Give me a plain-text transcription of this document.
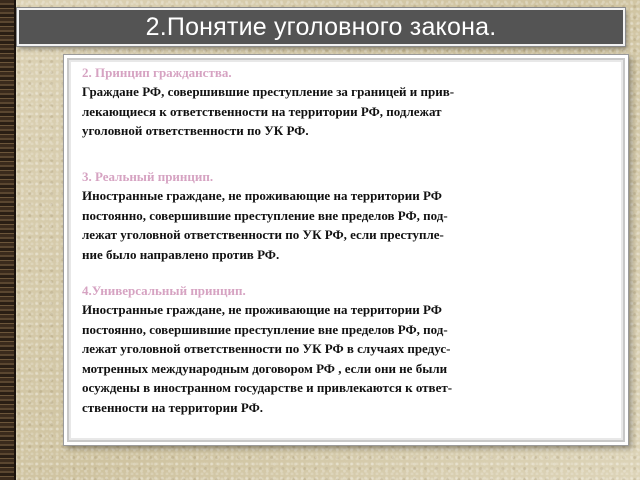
2.Понятие уголовного закона.

2. Принцип гражданства.

Граждане РФ, совершившие преступление за границей и прив-
лекающиеся к ответственности на территории РФ, подлежат
уголовной ответственности по УК РФ.

3. Реальный принцип.

Иностранные граждане, не проживающие на территории РФ
постоянно, совершившие преступление вне пределов РФ, под-
лежат уголовной ответственности по УК РФ, если преступле-
ние было направлено против РФ.

4.Универсальный принцип.

Иностранные граждане, не проживающие на территории РФ
постоянно, совершившие преступление вне пределов РФ, под-
лежат уголовной ответственности по УК РФ в случаях предус-
мотренных международным договором РФ , если они не были
осуждены в иностранном государстве и привлекаются к ответ-
ственности на территории РФ.
